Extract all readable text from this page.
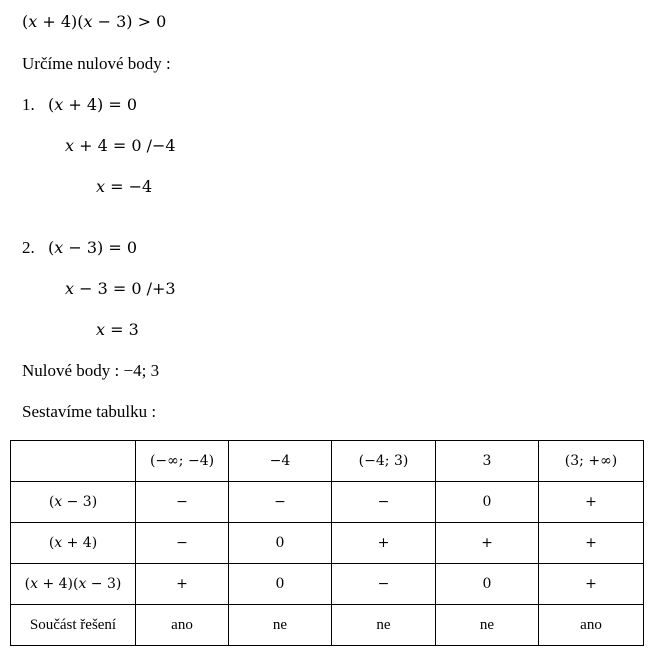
(𝑥 + 4)(𝑥 − 3) > 0
Určíme nulové body :
1. (𝑥 + 4) = 0
𝑥 + 4 = 0 /−4
𝑥 = −4
2. (𝑥 − 3) = 0
𝑥 − 3 = 0 /+3
𝑥 = 3
Nulové body : −4; 3
Sestavíme tabulku :
	(−∞; −4)	−4	(−4; 3)	3	(3; +∞)
(𝑥 − 3)	−	−	−	0	+
(𝑥 + 4)	−	0	+	+	+
(𝑥 + 4)(𝑥 − 3)	+	0	−	0	+
Součást řešení	ano	ne	ne	ne	ano
